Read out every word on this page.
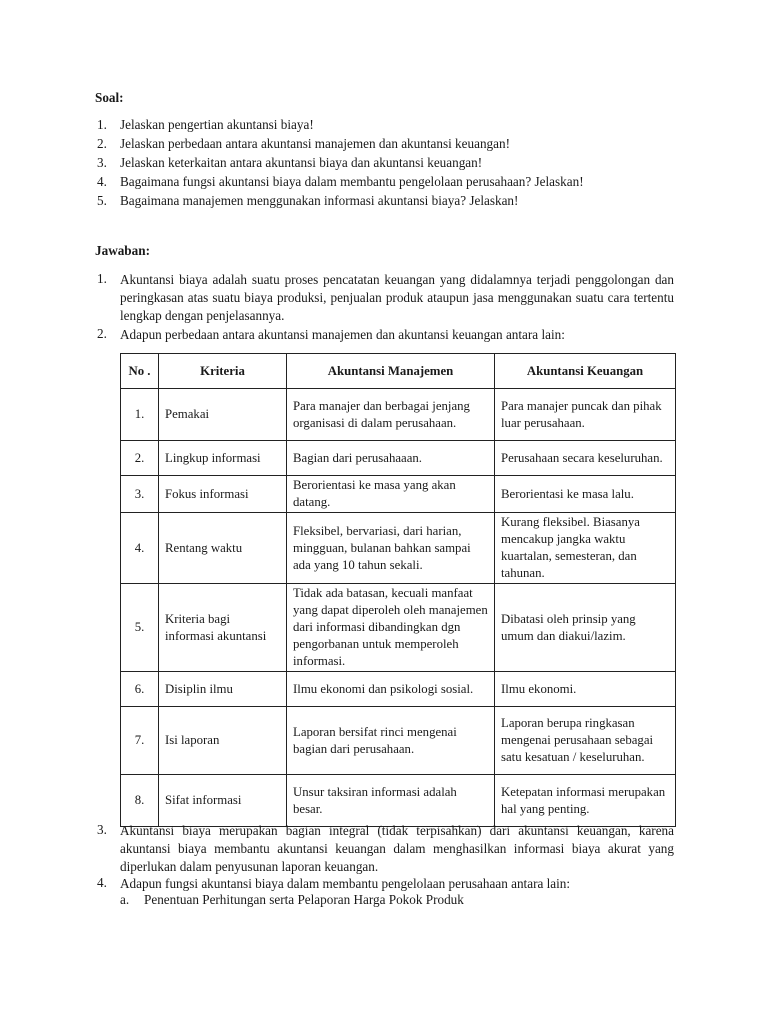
Soal:
1. Jelaskan pengertian akuntansi biaya!
2. Jelaskan perbedaan antara akuntansi manajemen dan akuntansi keuangan!
3. Jelaskan keterkaitan antara akuntansi biaya dan akuntansi keuangan!
4. Bagaimana fungsi akuntansi biaya dalam membantu pengelolaan perusahaan? Jelaskan!
5. Bagaimana manajemen menggunakan informasi akuntansi biaya? Jelaskan!
Jawaban:
1. Akuntansi biaya adalah suatu proses pencatatan keuangan yang didalamnya terjadi penggolongan dan peringkasan atas suatu biaya produksi, penjualan produk ataupun jasa menggunakan suatu cara tertentu lengkap dengan penjelasannya.
2. Adapun perbedaan antara akuntansi manajemen dan akuntansi keuangan antara lain:
No .	Kriteria	Akuntansi Manajemen	Akuntansi Keuangan
1.	Pemakai	Para manajer dan berbagai jenjang organisasi di dalam perusahaan.	Para manajer puncak dan pihak luar perusahaan.
2.	Lingkup informasi	Bagian dari perusahaaan.	Perusahaan secara keseluruhan.
3.	Fokus informasi	Berorientasi ke masa yang akan datang.	Berorientasi ke masa lalu.
4.	Rentang waktu	Fleksibel, bervariasi, dari harian, mingguan, bulanan bahkan sampai ada yang 10 tahun sekali.	Kurang fleksibel. Biasanya mencakup jangka waktu kuartalan, semesteran, dan tahunan.
5.	Kriteria bagi informasi akuntansi	Tidak ada batasan, kecuali manfaat yang dapat diperoleh oleh manajemen dari informasi dibandingkan dgn pengorbanan untuk memperoleh informasi.	Dibatasi oleh prinsip yang umum dan diakui/lazim.
6.	Disiplin ilmu	Ilmu ekonomi dan psikologi sosial.	Ilmu ekonomi.
7.	Isi laporan	Laporan bersifat rinci mengenai bagian dari perusahaan.	Laporan berupa ringkasan mengenai perusahaan sebagai satu kesatuan / keseluruhan.
8.	Sifat informasi	Unsur taksiran informasi adalah besar.	Ketepatan informasi merupakan hal yang penting.
3. Akuntansi biaya merupakan bagian integral (tidak terpisahkan) dari akuntansi keuangan, karena akuntansi biaya membantu akuntansi keuangan dalam menghasilkan informasi biaya akurat yang diperlukan dalam penyusunan laporan keuangan.
4. Adapun fungsi akuntansi biaya dalam membantu pengelolaan perusahaan antara lain:
a. Penentuan Perhitungan serta Pelaporan Harga Pokok Produk
